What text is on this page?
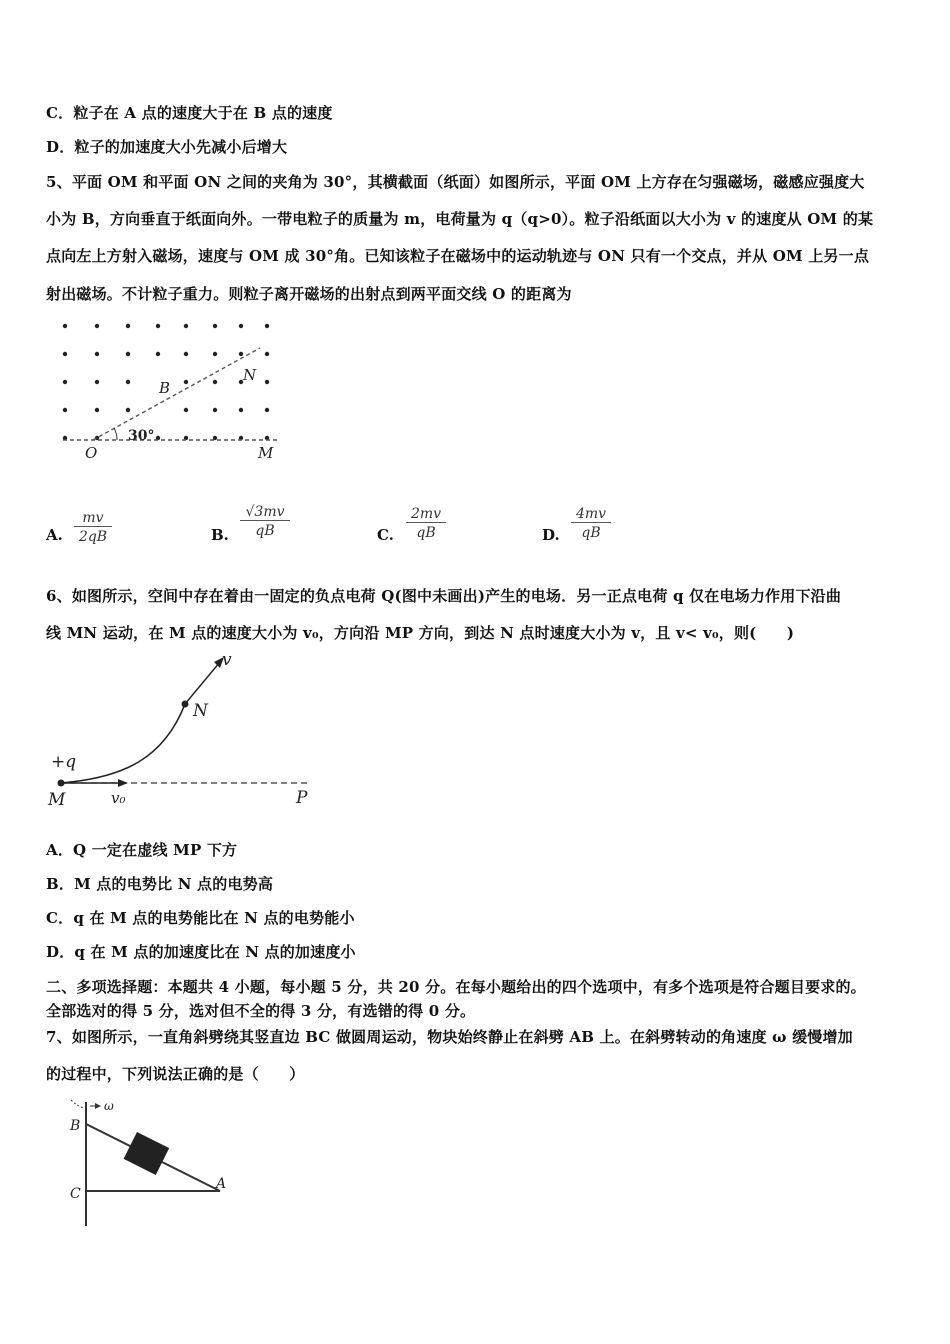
C．粒子在 A 点的速度大于在 B 点的速度
D．粒子的加速度大小先减小后增大
5、平面 OM 和平面 ON 之间的夹角为 30°，其横截面（纸面）如图所示，平面 OM 上方存在匀强磁场，磁感应强度大
小为 B，方向垂直于纸面向外。一带电粒子的质量为 m，电荷量为 q（q>0）。粒子沿纸面以大小为 v 的速度从 OM 的某
点向左上方射入磁场，速度与 OM 成 30°角。已知该粒子在磁场中的运动轨迹与 ON 只有一个交点，并从 OM 上另一点
射出磁场。不计粒子重力。则粒子离开磁场的出射点到两平面交线 O 的距离为
30°
B
N
O	M
A. $\frac{mv}{2qB}$	B. $\frac{√3mv}{qB}$	C. $\frac{2mv}{qB}$	D. $\frac{4mv}{qB}$
6、如图所示，空间中存在着由一固定的负点电荷 Q(图中未画出)产生的电场．另一正点电荷 q 仅在电场力作用下沿曲
线 MN 运动，在 M 点的速度大小为 v₀，方向沿 MP 方向，到达 N 点时速度大小为 v，且 v< v₀，则(　　)
v
N
+q
M	v₀	P
A．Q 一定在虚线 MP 下方
B．M 点的电势比 N 点的电势高
C．q 在 M 点的电势能比在 N 点的电势能小
D．q 在 M 点的加速度比在 N 点的加速度小
二、多项选择题：本题共 4 小题，每小题 5 分，共 20 分。在每小题给出的四个选项中，有多个选项是符合题目要求的。
全部选对的得 5 分，选对但不全的得 3 分，有选错的得 0 分。
7、如图所示，一直角斜劈绕其竖直边 BC 做圆周运动，物块始终静止在斜劈 AB 上。在斜劈转动的角速度 ω 缓慢增加
的过程中，下列说法正确的是（　　）
ω
B
C
A
